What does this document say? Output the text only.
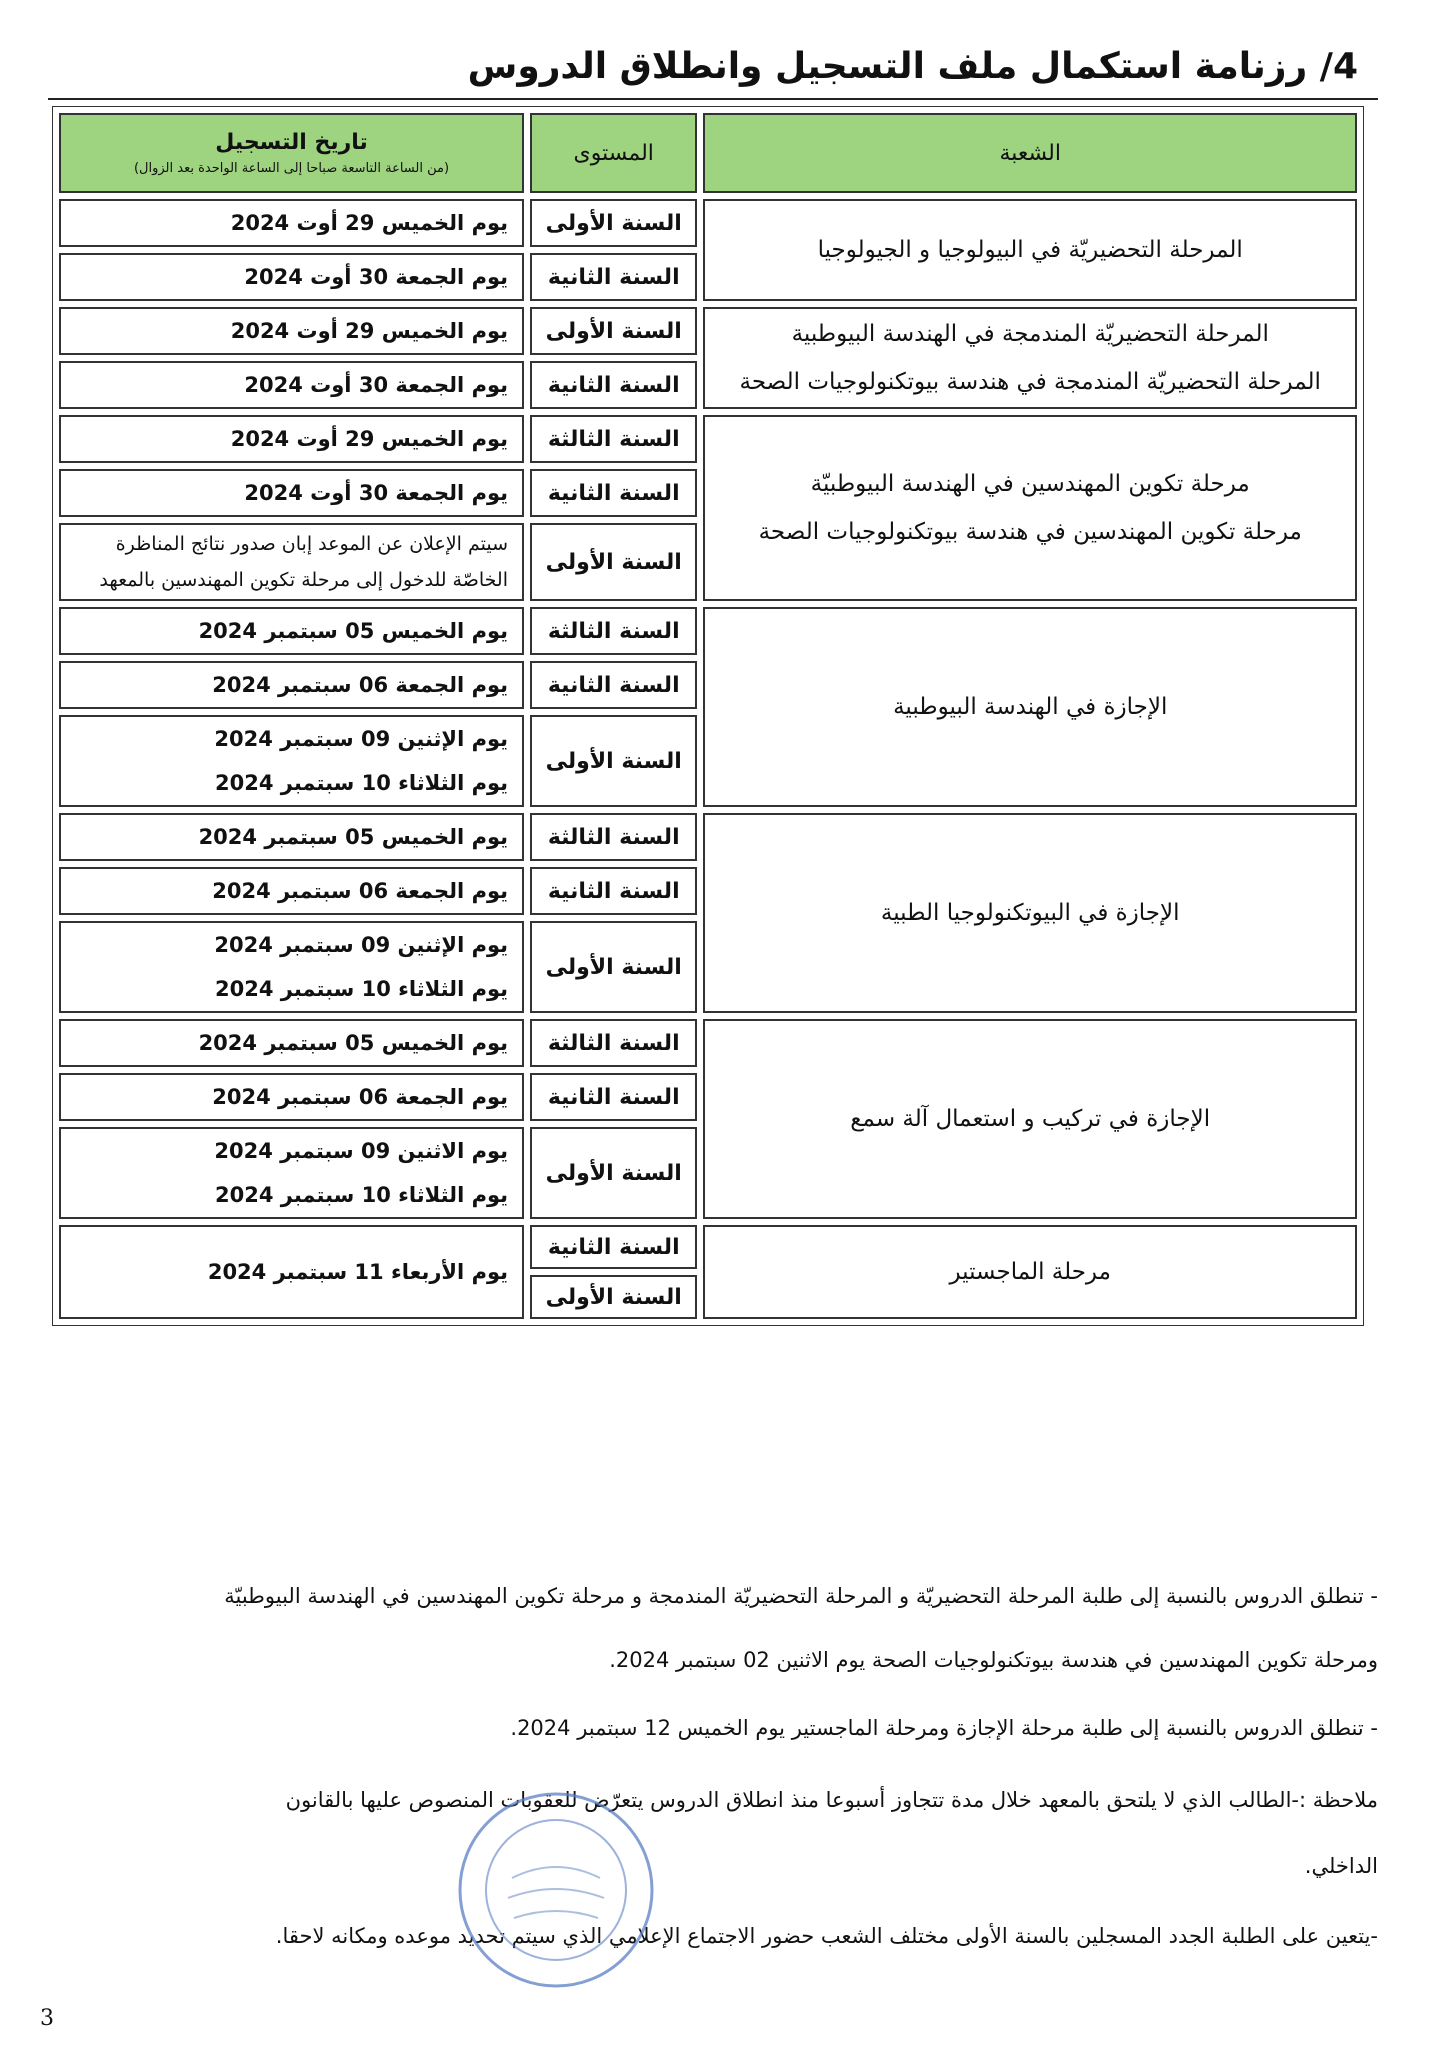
4/ رزنامة استكمال ملف التسجيل وانطلاق الدروس
الشعبة	المستوى	تاريخ التسجيل
(من الساعة التاسعة صباحا إلى الساعة الواحدة بعد الزوال)

المرحلة التحضيريّة في البيولوجيا و الجيولوجيا	السنة الأولى	يوم الخميس 29 أوت 2024

	السنة الثانية	يوم الجمعة 30 أوت 2024

المرحلة التحضيريّة المندمجة في الهندسة البيوطبية
المرحلة التحضيريّة المندمجة في هندسة بيوتكنولوجيات الصحة	السنة الأولى	يوم الخميس 29 أوت 2024

	السنة الثانية	يوم الجمعة 30 أوت 2024

مرحلة تكوين المهندسين في الهندسة البيوطبيّة
مرحلة تكوين المهندسين في هندسة بيوتكنولوجيات الصحة	السنة الثالثة	يوم الخميس 29 أوت 2024

	السنة الثانية	يوم الجمعة 30 أوت 2024

	السنة الأولى	سيتم الإعلان عن الموعد إبان صدور نتائج المناظرة
الخاصّة للدخول إلى مرحلة تكوين المهندسين بالمعهد

الإجازة في الهندسة البيوطبية	السنة الثالثة	يوم الخميس 05 سبتمبر 2024

	السنة الثانية	يوم الجمعة 06 سبتمبر 2024

	السنة الأولى	يوم الإثنين 09 سبتمبر 2024
يوم الثلاثاء 10 سبتمبر 2024

الإجازة في البيوتكنولوجيا الطبية	السنة الثالثة	يوم الخميس 05 سبتمبر 2024

	السنة الثانية	يوم الجمعة 06 سبتمبر 2024

	السنة الأولى	يوم الإثنين 09 سبتمبر 2024
يوم الثلاثاء 10 سبتمبر 2024

الإجازة في تركيب و استعمال آلة سمع	السنة الثالثة	يوم الخميس 05 سبتمبر 2024

	السنة الثانية	يوم الجمعة 06 سبتمبر 2024

	السنة الأولى	يوم الاثنين 09 سبتمبر 2024
يوم الثلاثاء 10 سبتمبر 2024

مرحلة الماجستير	السنة الثانية	يوم الأربعاء 11 سبتمبر 2024

	السنة الأولى	

- تنطلق الدروس بالنسبة إلى طلبة المرحلة التحضيريّة و المرحلة التحضيريّة المندمجة و مرحلة تكوين المهندسين في الهندسة البيوطبيّة

ومرحلة تكوين المهندسين في هندسة بيوتكنولوجيات الصحة يوم الاثنين 02 سبتمبر 2024.

- تنطلق الدروس بالنسبة إلى طلبة مرحلة الإجازة ومرحلة الماجستير يوم الخميس 12 سبتمبر 2024.

ملاحظة :-الطالب الذي لا يلتحق بالمعهد خلال مدة تتجاوز أسبوعا منذ انطلاق الدروس يتعرّض للعقوبات المنصوص عليها بالقانون

الداخلي.

-يتعين على الطلبة الجدد المسجلين بالسنة الأولى مختلف الشعب حضور الاجتماع الإعلامي الذي سيتم تحديد موعده ومكانه لاحقا.

3
